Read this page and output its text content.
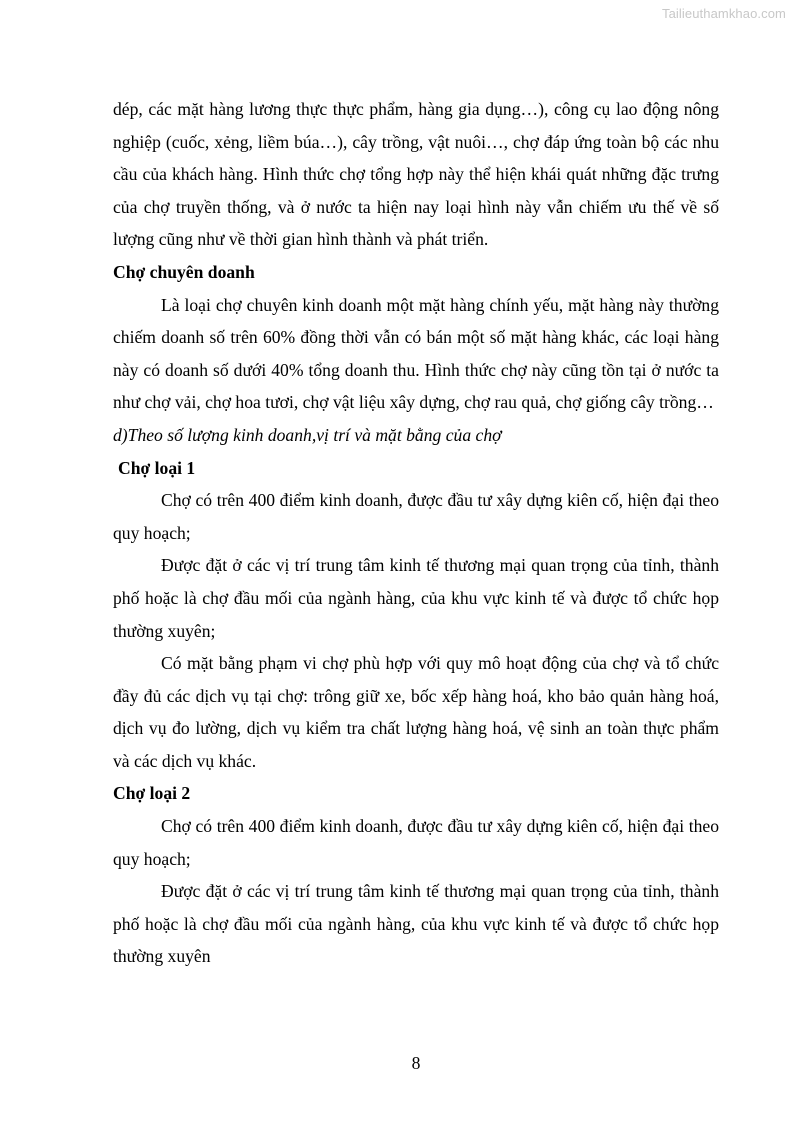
Tailieuthamkhao.com

dép, các mặt hàng lương thực thực phẩm, hàng gia dụng…), công cụ lao động nông nghiệp (cuốc, xẻng, liềm búa…), cây trồng, vật nuôi…, chợ đáp ứng toàn bộ các nhu cầu của khách hàng. Hình thức chợ tổng hợp này thể hiện khái quát những đặc trưng của chợ truyền thống, và ở nước ta hiện nay loại hình này vẫn chiếm ưu thế về số lượng cũng như về thời gian hình thành và phát triển.

Chợ chuyên doanh

Là loại chợ chuyên kinh doanh một mặt hàng chính yếu, mặt hàng này thường chiếm doanh số trên 60% đồng thời vẫn có bán một số mặt hàng khác, các loại hàng này có doanh số dưới 40% tổng doanh thu. Hình thức chợ này cũng tồn tại ở nước ta như chợ vải, chợ hoa tươi, chợ vật liệu xây dựng, chợ rau quả, chợ giống cây trồng…

d)Theo số lượng kinh doanh,vị trí và mặt bằng của chợ

Chợ loại 1

Chợ có trên 400 điểm kinh doanh, được đầu tư xây dựng kiên cố, hiện đại theo quy hoạch;

Được đặt ở các vị trí trung tâm kinh tế thương mại quan trọng của tỉnh, thành phố hoặc là chợ đầu mối của ngành hàng, của khu vực kinh tế và được tổ chức họp thường xuyên;

Có mặt bằng phạm vi chợ phù hợp với quy mô hoạt động của chợ và tổ chức đầy đủ các dịch vụ tại chợ: trông giữ xe, bốc xếp hàng hoá, kho bảo quản hàng hoá, dịch vụ đo lường, dịch vụ kiểm tra chất lượng hàng hoá, vệ sinh an toàn thực phẩm và các dịch vụ khác.

Chợ loại 2

Chợ có trên 400 điểm kinh doanh, được đầu tư xây dựng kiên cố, hiện đại theo quy hoạch;

Được đặt ở các vị trí trung tâm kinh tế thương mại quan trọng của tỉnh, thành phố hoặc là chợ đầu mối của ngành hàng, của khu vực kinh tế và được tổ chức họp thường xuyên

8
